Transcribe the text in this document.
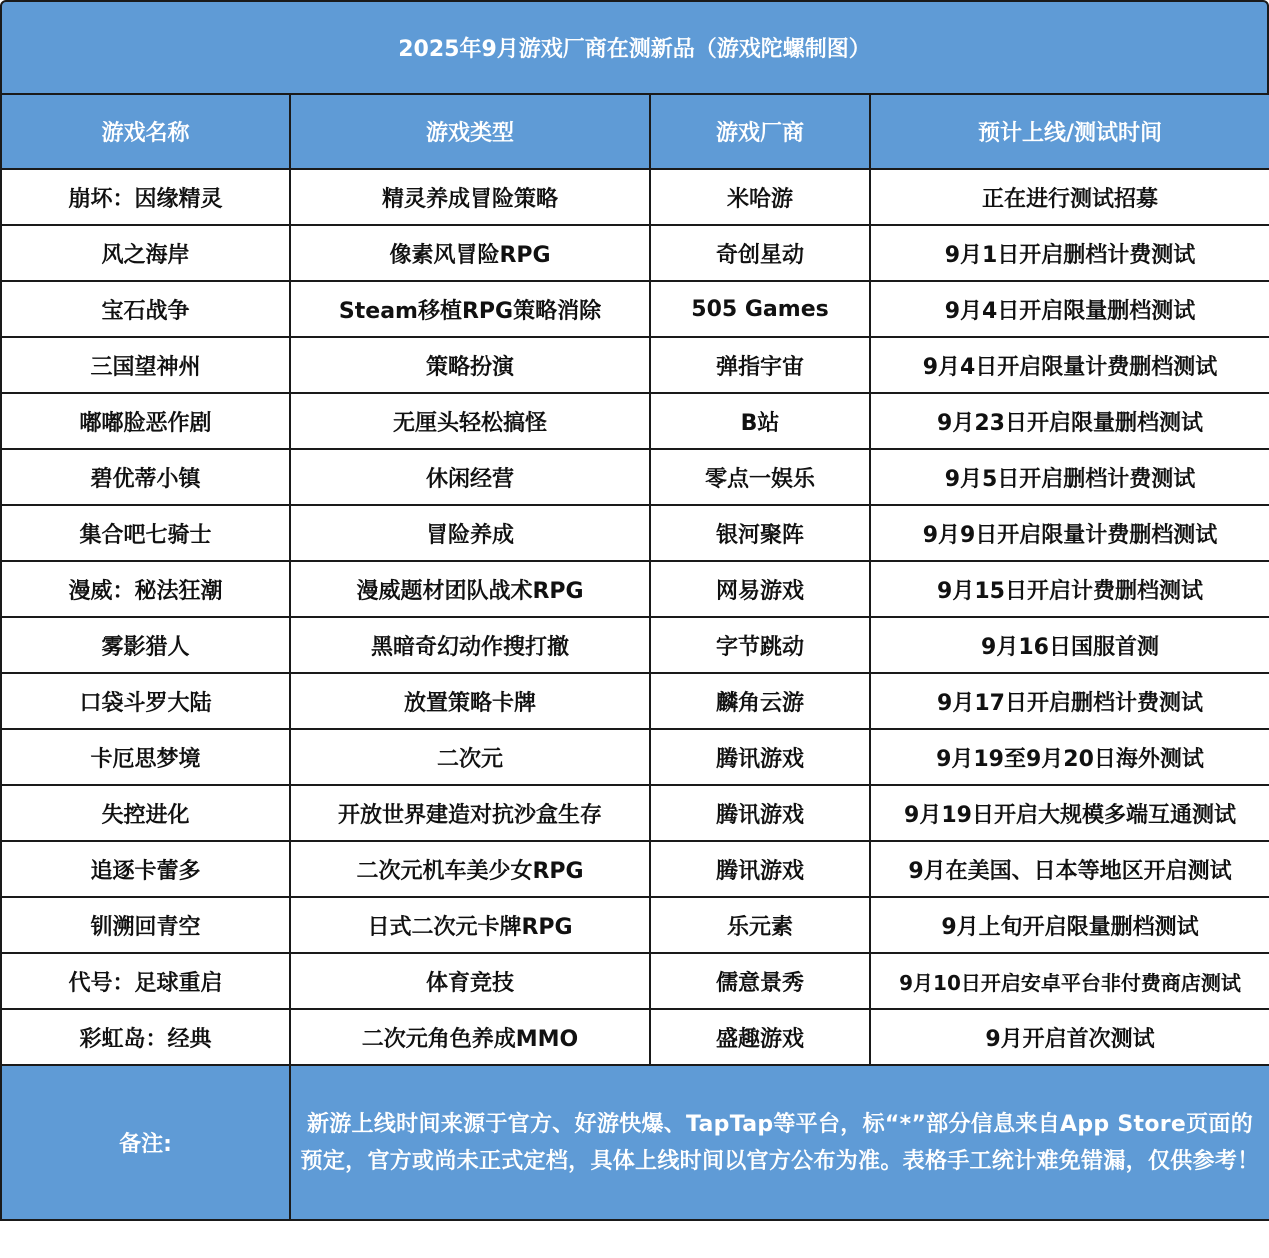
2025年9月游戏厂商在测新品（游戏陀螺制图）
游戏名称	游戏类型	游戏厂商	预计上线/测试时间
崩坏：因缘精灵	精灵养成冒险策略	米哈游	正在进行测试招募
风之海岸	像素风冒险RPG	奇创星动	9月1日开启删档计费测试
宝石战争	Steam移植RPG策略消除	505 Games	9月4日开启限量删档测试
三国望神州	策略扮演	弹指宇宙	9月4日开启限量计费删档测试
嘟嘟脸恶作剧	无厘头轻松搞怪	B站	9月23日开启限量删档测试
碧优蒂小镇	休闲经营	零点一娱乐	9月5日开启删档计费测试
集合吧七骑士	冒险养成	银河聚阵	9月9日开启限量计费删档测试
漫威：秘法狂潮	漫威题材团队战术RPG	网易游戏	9月15日开启计费删档测试
雾影猎人	黑暗奇幻动作搜打撤	字节跳动	9月16日国服首测
口袋斗罗大陆	放置策略卡牌	麟角云游	9月17日开启删档计费测试
卡厄思梦境	二次元	腾讯游戏	9月19至9月20日海外测试
失控进化	开放世界建造对抗沙盒生存	腾讯游戏	9月19日开启大规模多端互通测试
追逐卡蕾多	二次元机车美少女RPG	腾讯游戏	9月在美国、日本等地区开启测试
钏溯回青空	日式二次元卡牌RPG	乐元素	9月上旬开启限量删档测试
代号：足球重启	体育竞技	儒意景秀	9月10日开启安卓平台非付费商店测试
彩虹岛：经典	二次元角色养成MMO	盛趣游戏	9月开启首次测试
备注:	新游上线时间来源于官方、好游快爆、TapTap等平台，标“*”部分信息来自App Store页面的预定，官方或尚未正式定档，具体上线时间以官方公布为准。表格手工统计难免错漏，仅供参考！		
